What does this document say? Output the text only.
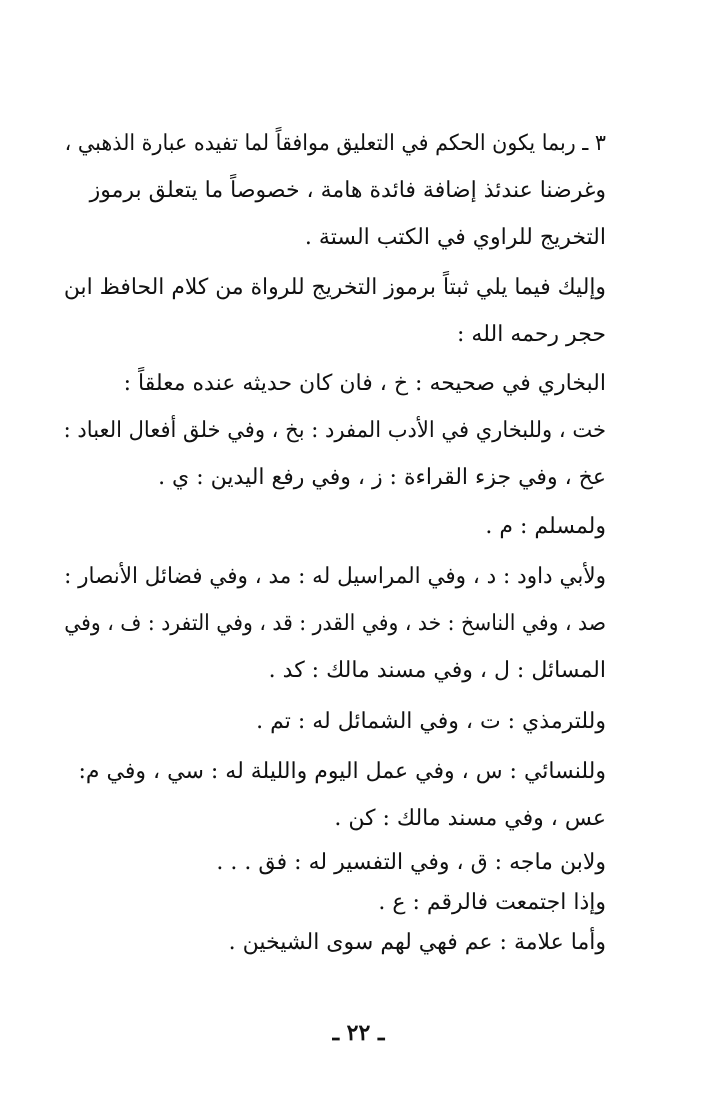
٣ ـ ربما يكون الحكم في التعليق موافقاً لما تفيده عبارة الذهبي ،
وغرضنا عندئذ إضافة فائدة هامة ، خصوصاً ما يتعلق برموز
التخريج للراوي في الكتب الستة .
وإليك فيما يلي ثبتاً برموز التخريج للرواة من كلام الحافظ ابن
حجر رحمه الله :
البخاري في صحيحه : خ ، فان كان حديثه عنده معلقاً :
خت ، وللبخاري في الأدب المفرد : بخ ، وفي خلق أفعال العباد :
عخ ، وفي جزء القراءة : ز ، وفي رفع اليدين : ي .
ولمسلم : م .
ولأبي داود : د ، وفي المراسيل له : مد ، وفي فضائل الأنصار :
صد ، وفي الناسخ : خد ، وفي القدر : قد ، وفي التفرد : ف ، وفي
المسائل : ل ، وفي مسند مالك : كد .
وللترمذي : ت ، وفي الشمائل له : تم .
وللنسائي : س ، وفي عمل اليوم والليلة له : سي ، وفي م:
عس ، وفي مسند مالك : كن .
ولابن ماجه : ق ، وفي التفسير له : فق . . .
وإذا اجتمعت فالرقم : ع .
وأما علامة : عم فهي لهم سوى الشيخين .
ـ ٢٢ ـ
